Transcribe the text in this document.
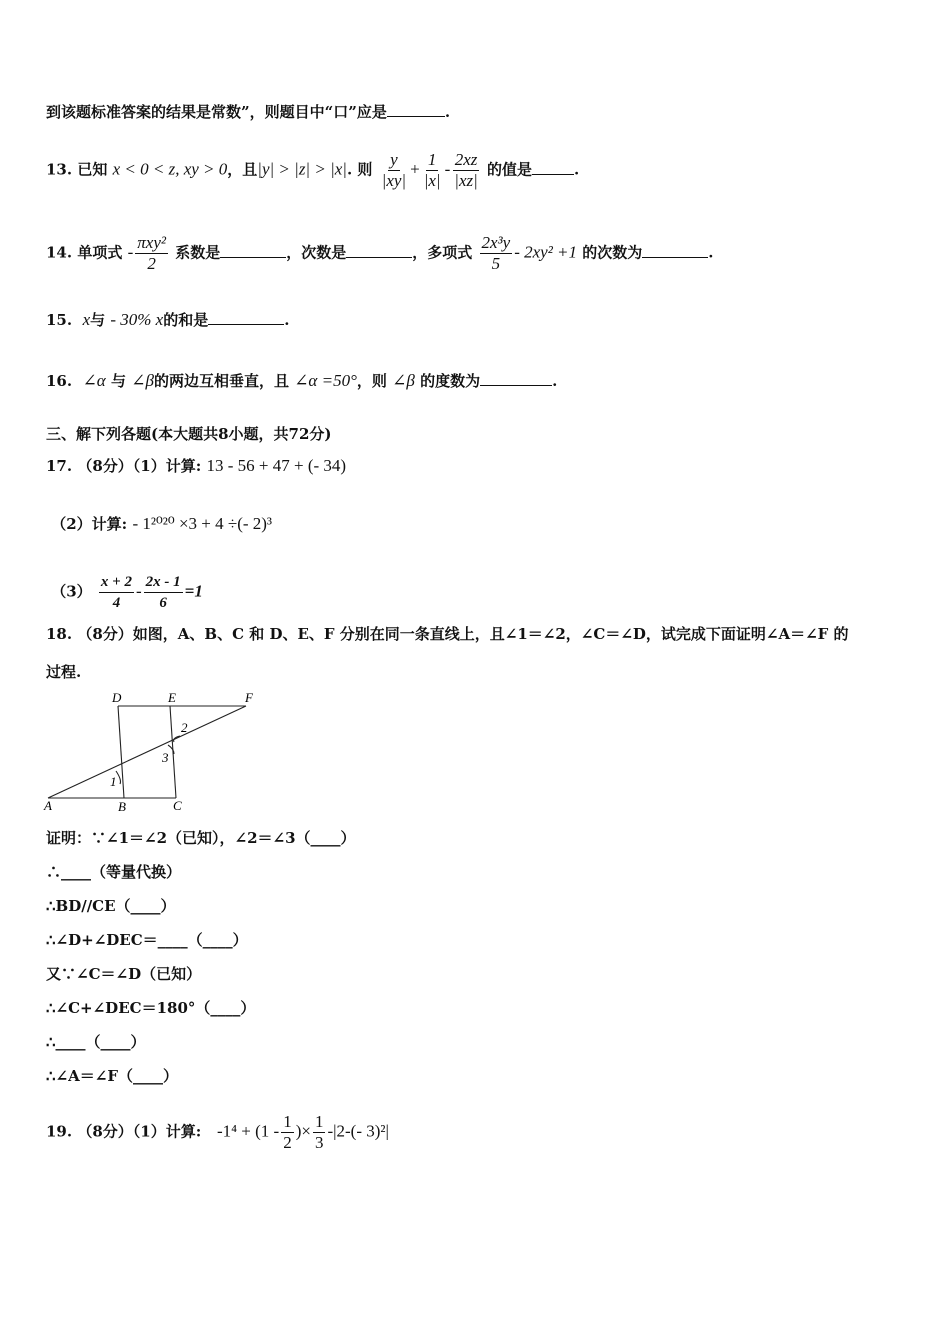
到该题标准答案的结果是常数”，则题目中“口”应是	.
13. 已知 x < 0 < z, xy > 0，且|y| > |z| > |x|. 则 $\frac{y}{|xy|} + \frac{1}{|x|} - \frac{2xz}{|xz|}$ 的值是	.
14. 单项式 - $\frac{\text{πxy²}}{2}$ 系数是	，次数是	，多项式 $\frac{\text{2x³y}}{5} - 2xy^2 +1$ 的次数为	.
15. x与 - 30% x的和是	.
16. ∠α 与 ∠β的两边互相垂直，且 ∠α =50°，则 ∠β 的度数为	.
三、解下列各题(本大题共8小题，共72分)
17. （8分）（1）计算: 13 - 56 + 47 + (- 34)
（2）计算: - 1²⁰²⁰ ×3 + 4 ÷(- 2)³
$(3) \frac{x + 2}{4} - \frac{2x - 1}{6} =1$
18. （8分）如图，A、B、C 和 D、E、F 分别在同一条直线上，且∠1＝∠2，∠C＝∠D，试完成下面证明∠A＝∠F 的
过程.
D	E	F
A	B	C
1
2
3
证明：∵∠1＝∠2（已知），∠2＝∠3（____）
∴____（等量代换）
∴BD//CE（____）
∴∠D+∠DEC＝____（____）
又∵∠C＝∠D（已知）
∴∠C+∠DEC＝180°（____）
∴____（____）
∴∠A＝∠F（____）
19. （8分）（1）计算: $-1^4 + (1 - \frac{1}{2}$ )× $\frac{1}{3} -|2-(-$ 3)²|
